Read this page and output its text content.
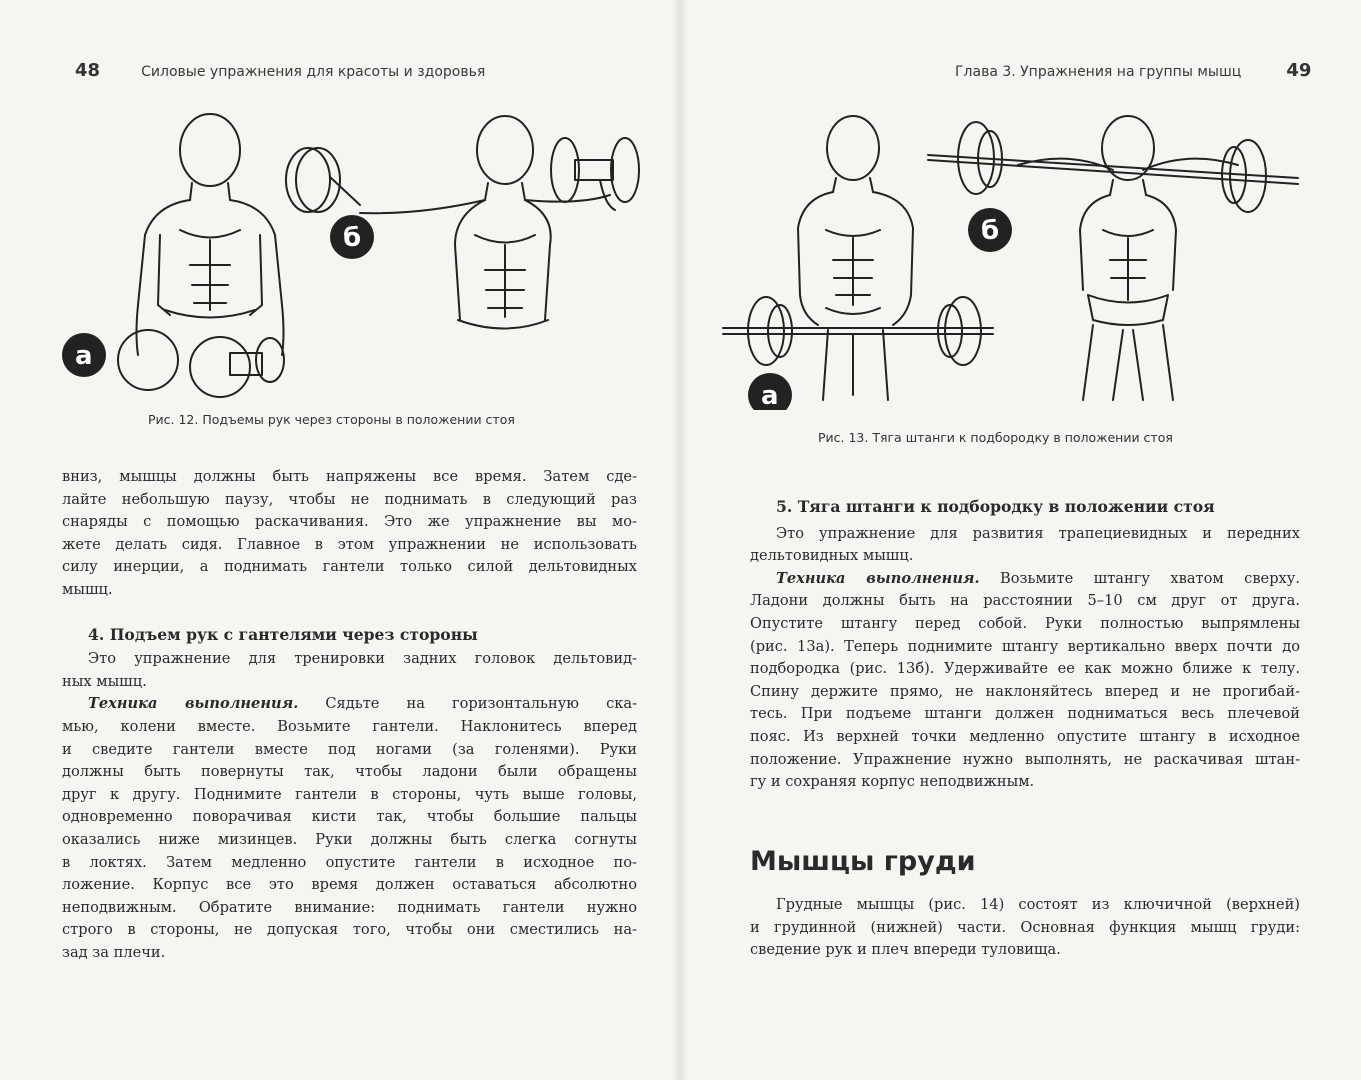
48	Силовые упражнения для красоты и здоровья
а
б
Рис. 12. Подъемы рук через стороны в положении стоя

вниз, мышцы должны быть напряжены все время. Затем сде-

лайте небольшую паузу, чтобы не поднимать в следующий раз

снаряды с помощью раскачивания. Это же упражнение вы мо-

жете делать сидя. Главное в этом упражнении не использовать

силу инерции, а поднимать гантели только силой дельтовидных

мышц.

4. Подъем рук с гантелями через стороны

Это упражнение для тренировки задних головок дельтовид-

ных мышц.

Техника выполнения. Сядьте на горизонтальную ска-

мью, колени вместе. Возьмите гантели. Наклонитесь вперед

и сведите гантели вместе под ногами (за голенями). Руки

должны быть повернуты так, чтобы ладони были обращены

друг к другу. Поднимите гантели в стороны, чуть выше головы,

одновременно поворачивая кисти так, чтобы большие пальцы

оказались ниже мизинцев. Руки должны быть слегка согнуты

в локтях. Затем медленно опустите гантели в исходное по-

ложение. Корпус все это время должен оставаться абсолютно

неподвижным. Обратите внимание: поднимать гантели нужно

строго в стороны, не допуская того, чтобы они сместились на-

зад за плечи.

Глава 3. Упражнения на группы мышц	49
а
б
Рис. 13. Тяга штанги к подбородку в положении стоя

5. Тяга штанги к подбородку в положении стоя

Это упражнение для развития трапециевидных и передних

дельтовидных мышц.

Техника выполнения. Возьмите штангу хватом сверху.

Ладони должны быть на расстоянии 5–10 см друг от друга.

Опустите штангу перед собой. Руки полностью выпрямлены

(рис. 13а). Теперь поднимите штангу вертикально вверх почти до

подбородка (рис. 13б). Удерживайте ее как можно ближе к телу.

Спину держите прямо, не наклоняйтесь вперед и не прогибай-

тесь. При подъеме штанги должен подниматься весь плечевой

пояс. Из верхней точки медленно опустите штангу в исходное

положение. Упражнение нужно выполнять, не раскачивая штан-

гу и сохраняя корпус неподвижным.

Мышцы груди

Грудные мышцы (рис. 14) состоят из ключичной (верхней)

и грудинной (нижней) части. Основная функция мышц груди:

сведение рук и плеч впереди туловища.
